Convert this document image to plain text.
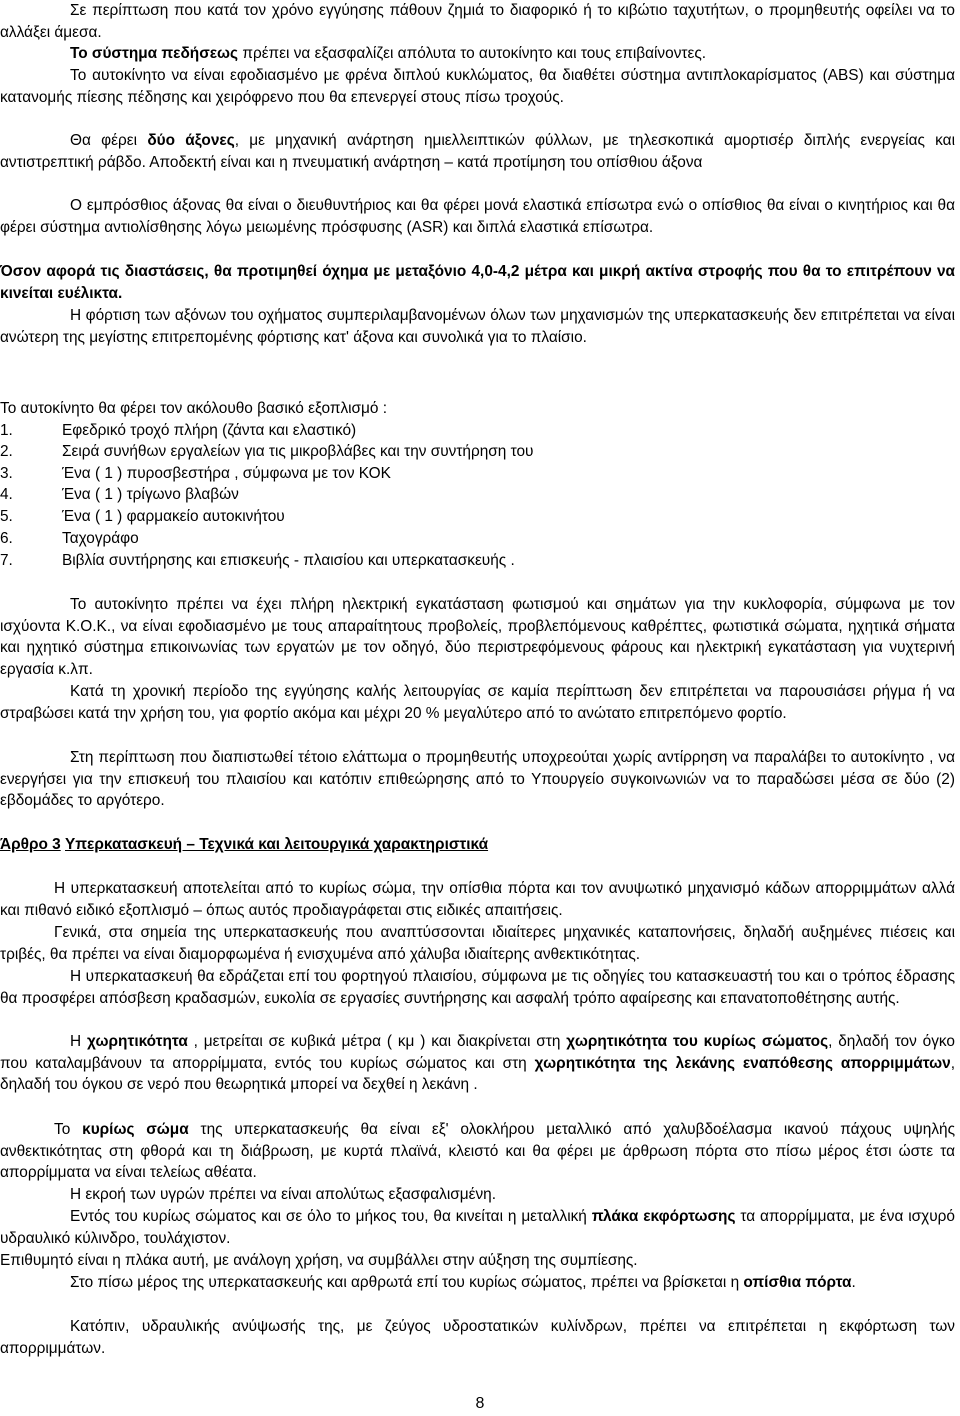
Σε περίπτωση που κατά τον χρόνο εγγύησης πάθουν ζημιά το διαφορικό ή το κιβώτιο ταχυτήτων, ο προμηθευτής οφείλει να το αλλάξει άμεσα.
Το σύστημα πεδήσεως πρέπει να εξασφαλίζει απόλυτα το αυτοκίνητο και τους επιβαίνοντες.
Το αυτοκίνητο να είναι εφοδιασμένο με φρένα διπλού κυκλώματος, θα διαθέτει σύστημα αντιπλοκαρίσματος (ABS) και σύστημα κατανομής πίεσης πέδησης και χειρόφρενο που θα επενεργεί στους πίσω τροχούς.
Θα φέρει δύο άξονες, με μηχανική ανάρτηση ημιελλειπτικών φύλλων, με τηλεσκοπικά αμορτισέρ διπλής ενεργείας και αντιστρεπτική ράβδο. Αποδεκτή είναι και η πνευματική ανάρτηση – κατά προτίμηση του οπίσθιου άξονα
Ο εμπρόσθιος άξονας θα είναι ο διευθυντήριος και θα φέρει μονά ελαστικά επίσωτρα ενώ ο οπίσθιος θα είναι ο κινητήριος και θα φέρει σύστημα αντιολίσθησης λόγω μειωμένης πρόσφυσης (ASR) και διπλά ελαστικά επίσωτρα.
Όσον αφορά τις διαστάσεις, θα προτιμηθεί όχημα με μεταξόνιο 4,0-4,2 μέτρα και μικρή ακτίνα στροφής που θα το επιτρέπουν να κινείται ευέλικτα.
Η φόρτιση των αξόνων του οχήματος συμπεριλαμβανομένων όλων των μηχανισμών της υπερκατασκευής δεν επιτρέπεται να είναι ανώτερη της μεγίστης επιτρεπομένης φόρτισης κατ' άξονα και συνολικά για το πλαίσιο.
Το αυτοκίνητο θα φέρει τον ακόλουθο βασικό εξοπλισμό :
1.	Εφεδρικό τροχό πλήρη (ζάντα και ελαστικό)
2.	Σειρά συνήθων εργαλείων για τις μικροβλάβες και την συντήρηση του
3.	Ένα ( 1 ) πυροσβεστήρα , σύμφωνα με τον ΚΟΚ
4.	Ένα ( 1 ) τρίγωνο βλαβών
5.	Ένα ( 1 ) φαρμακείο αυτοκινήτου
6.	Ταχογράφο
7.	Βιβλία συντήρησης και επισκευής - πλαισίου και υπερκατασκευής .
Το αυτοκίνητο πρέπει να έχει πλήρη ηλεκτρική εγκατάσταση φωτισμού και σημάτων για την κυκλοφορία, σύμφωνα με τον ισχύοντα Κ.Ο.Κ., να είναι εφοδιασμένο με τους απαραίτητους προβολείς, προβλεπόμενους καθρέπτες, φωτιστικά σώματα, ηχητικά σήματα και ηχητικό σύστημα επικοινωνίας των εργατών με τον οδηγό, δύο περιστρεφόμενους φάρους και ηλεκτρική εγκατάσταση για νυχτερινή εργασία κ.λπ.
Κατά τη χρονική περίοδο της εγγύησης καλής λειτουργίας σε καμία περίπτωση δεν επιτρέπεται να παρουσιάσει ρήγμα ή να στραβώσει κατά την χρήση του, για φορτίο ακόμα και μέχρι 20 % μεγαλύτερο από το ανώτατο επιτρεπόμενο φορτίο.
Στη περίπτωση που διαπιστωθεί τέτοιο ελάττωμα ο προμηθευτής υποχρεούται χωρίς αντίρρηση να παραλάβει το αυτοκίνητο , να ενεργήσει για την επισκευή του πλαισίου και κατόπιν επιθεώρησης από το Υπουργείο συγκοινωνιών να το παραδώσει μέσα σε δύο (2) εβδομάδες το αργότερο.
Άρθρο 3 Υπερκατασκευή – Τεχνικά και λειτουργικά χαρακτηριστικά
Η υπερκατασκευή αποτελείται από το κυρίως σώμα, την οπίσθια πόρτα και τον ανυψωτικό μηχανισμό κάδων απορριμμάτων αλλά και πιθανό ειδικό εξοπλισμό – όπως αυτός προδιαγράφεται στις ειδικές απαιτήσεις.
Γενικά, στα σημεία της υπερκατασκευής που αναπτύσσονται ιδιαίτερες μηχανικές καταπονήσεις, δηλαδή αυξημένες πιέσεις και τριβές, θα πρέπει να είναι διαμορφωμένα ή ενισχυμένα από χάλυβα ιδιαίτερης ανθεκτικότητας.
Η υπερκατασκευή θα εδράζεται επί του φορτηγού πλαισίου, σύμφωνα με τις οδηγίες του κατασκευαστή του και ο τρόπος έδρασης θα προσφέρει απόσβεση κραδασμών, ευκολία σε εργασίες συντήρησης και ασφαλή τρόπο αφαίρεσης και επανατοποθέτησης αυτής.
Η χωρητικότητα , μετρείται σε κυβικά μέτρα ( κμ ) και διακρίνεται στη χωρητικότητα του κυρίως σώματος, δηλαδή τον όγκο που καταλαμβάνουν τα απορρίμματα, εντός του κυρίως σώματος και στη χωρητικότητα της λεκάνης εναπόθεσης απορριμμάτων, δηλαδή του όγκου σε νερό που θεωρητικά μπορεί να δεχθεί η λεκάνη .
Το κυρίως σώμα της υπερκατασκευής θα είναι εξ' ολοκλήρου μεταλλικό από χαλυβδοέλασμα ικανού πάχους υψηλής ανθεκτικότητας στη φθορά και τη διάβρωση, με κυρτά πλαϊνά, κλειστό και θα φέρει με άρθρωση πόρτα στο πίσω μέρος έτσι ώστε τα απορρίμματα να είναι τελείως αθέατα.
Η εκροή των υγρών πρέπει να είναι απολύτως εξασφαλισμένη.
Εντός του κυρίως σώματος και σε όλο το μήκος του, θα κινείται η μεταλλική πλάκα εκφόρτωσης τα απορρίμματα, με ένα ισχυρό υδραυλικό κύλινδρο, τουλάχιστον.
Επιθυμητό είναι η πλάκα αυτή, με ανάλογη χρήση, να συμβάλλει στην αύξηση της συμπίεσης.
Στο πίσω μέρος της υπερκατασκευής και αρθρωτά επί του κυρίως σώματος, πρέπει να βρίσκεται η οπίσθια πόρτα.
Κατόπιν, υδραυλικής ανύψωσής της, με ζεύγος υδροστατικών κυλίνδρων, πρέπει να επιτρέπεται η εκφόρτωση των απορριμμάτων.
8
